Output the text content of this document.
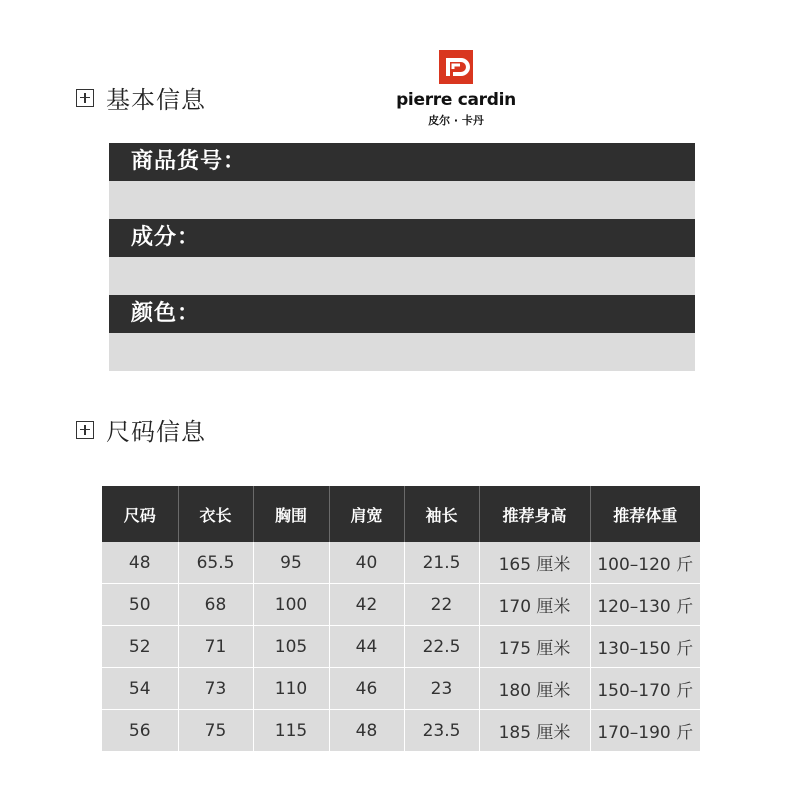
基本信息	pierre cardin
皮尔 · 卡丹
商品货号：
成分：
颜色：
尺码信息
尺码	衣长	胸围	肩宽	袖长	推荐身高	推荐体重
48	65.5	95	40	21.5	165 厘米	100–120 斤
50	68	100	42	22	170 厘米	120–130 斤
52	71	105	44	22.5	175 厘米	130–150 斤
54	73	110	46	23	180 厘米	150–170 斤
56	75	115	48	23.5	185 厘米	170–190 斤
